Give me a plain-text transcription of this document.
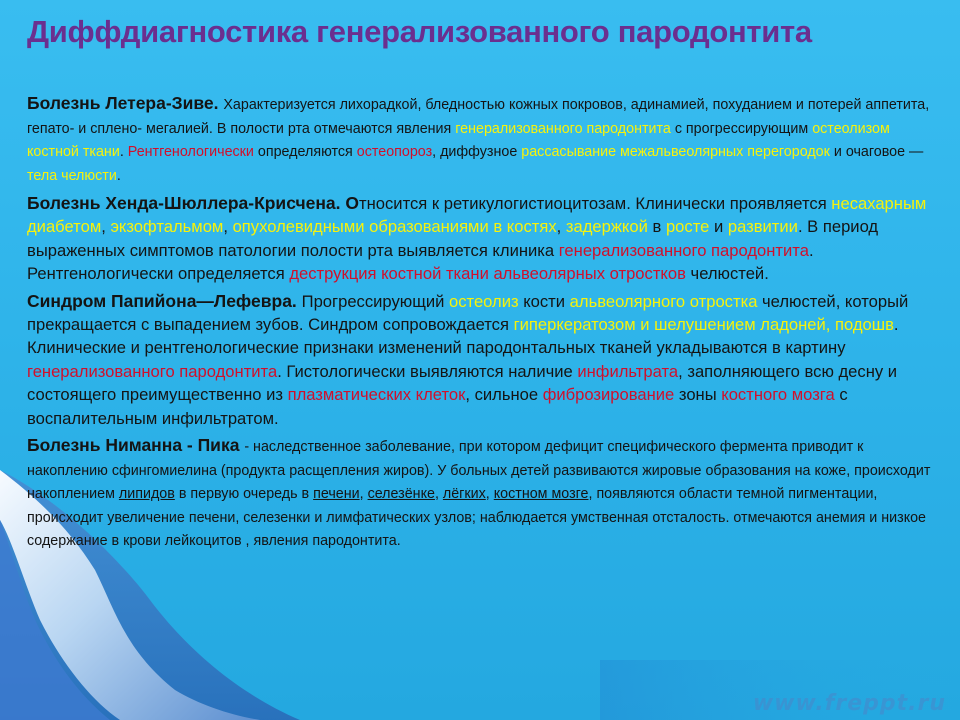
www.freppt.ru
Диффдиагностика генерализованного пародонтита

Болезнь Летера-Зиве. Характеризуется лихорадкой, бледностью кожных покровов, адинамией, похуданием и потерей аппетита, гепато- и сплено- мегалией. В полости рта отмечаются явления генерализованного пародонтита с прогрессирующим остеолизом костной ткани. Рентгенологически определяются остеопороз, диффузное рассасывание межальвеолярных перегородок и очаговое — тела челюсти.

Болезнь Хенда-Шюллера-Крисчена. Относится к ретикулогистиоцитозам. Клинически проявляется несахарным диабетом, экзофтальмом, опухолевидными образованиями в костях, задержкой в росте и развитии. В период выраженных симптомов патологии полости рта выявляется клиника генерализованного пародонтита. Рентгенологически определяется деструкция костной ткани альвеолярных отростков челюстей.

Синдром Папийона—Лефевра. Прогрессирующий остеолиз кости альвеолярного отростка челюстей, который прекращается с выпадением зубов. Синдром сопровождается гиперкератозом и шелушением ладоней, подошв. Клинические и рентгенологические признаки изменений пародонтальных тканей укладываются в картину генерализованного пародонтита. Гистологически выявляются наличие инфильтрата, заполняющего всю десну и состоящего преимущественно из плазматических клеток, сильное фиброзирование зоны костного мозга с воспалительным инфильтратом.

Болезнь Ниманна - Пика - наследственное заболевание, при котором дефицит специфического фермента приводит к накоплению сфингомиелина (продукта расщепления жиров). У больных детей развиваются жировые образования на коже, происходит накоплением липидов в первую очередь в печени, селезёнке, лёгких, костном мозге, появляются области темной пигментации, происходит увеличение печени, селезенки и лимфатических узлов; наблюдается умственная отсталость. отмечаются анемия и низкое содержание в крови лейкоцитов , явления пародонтита.
